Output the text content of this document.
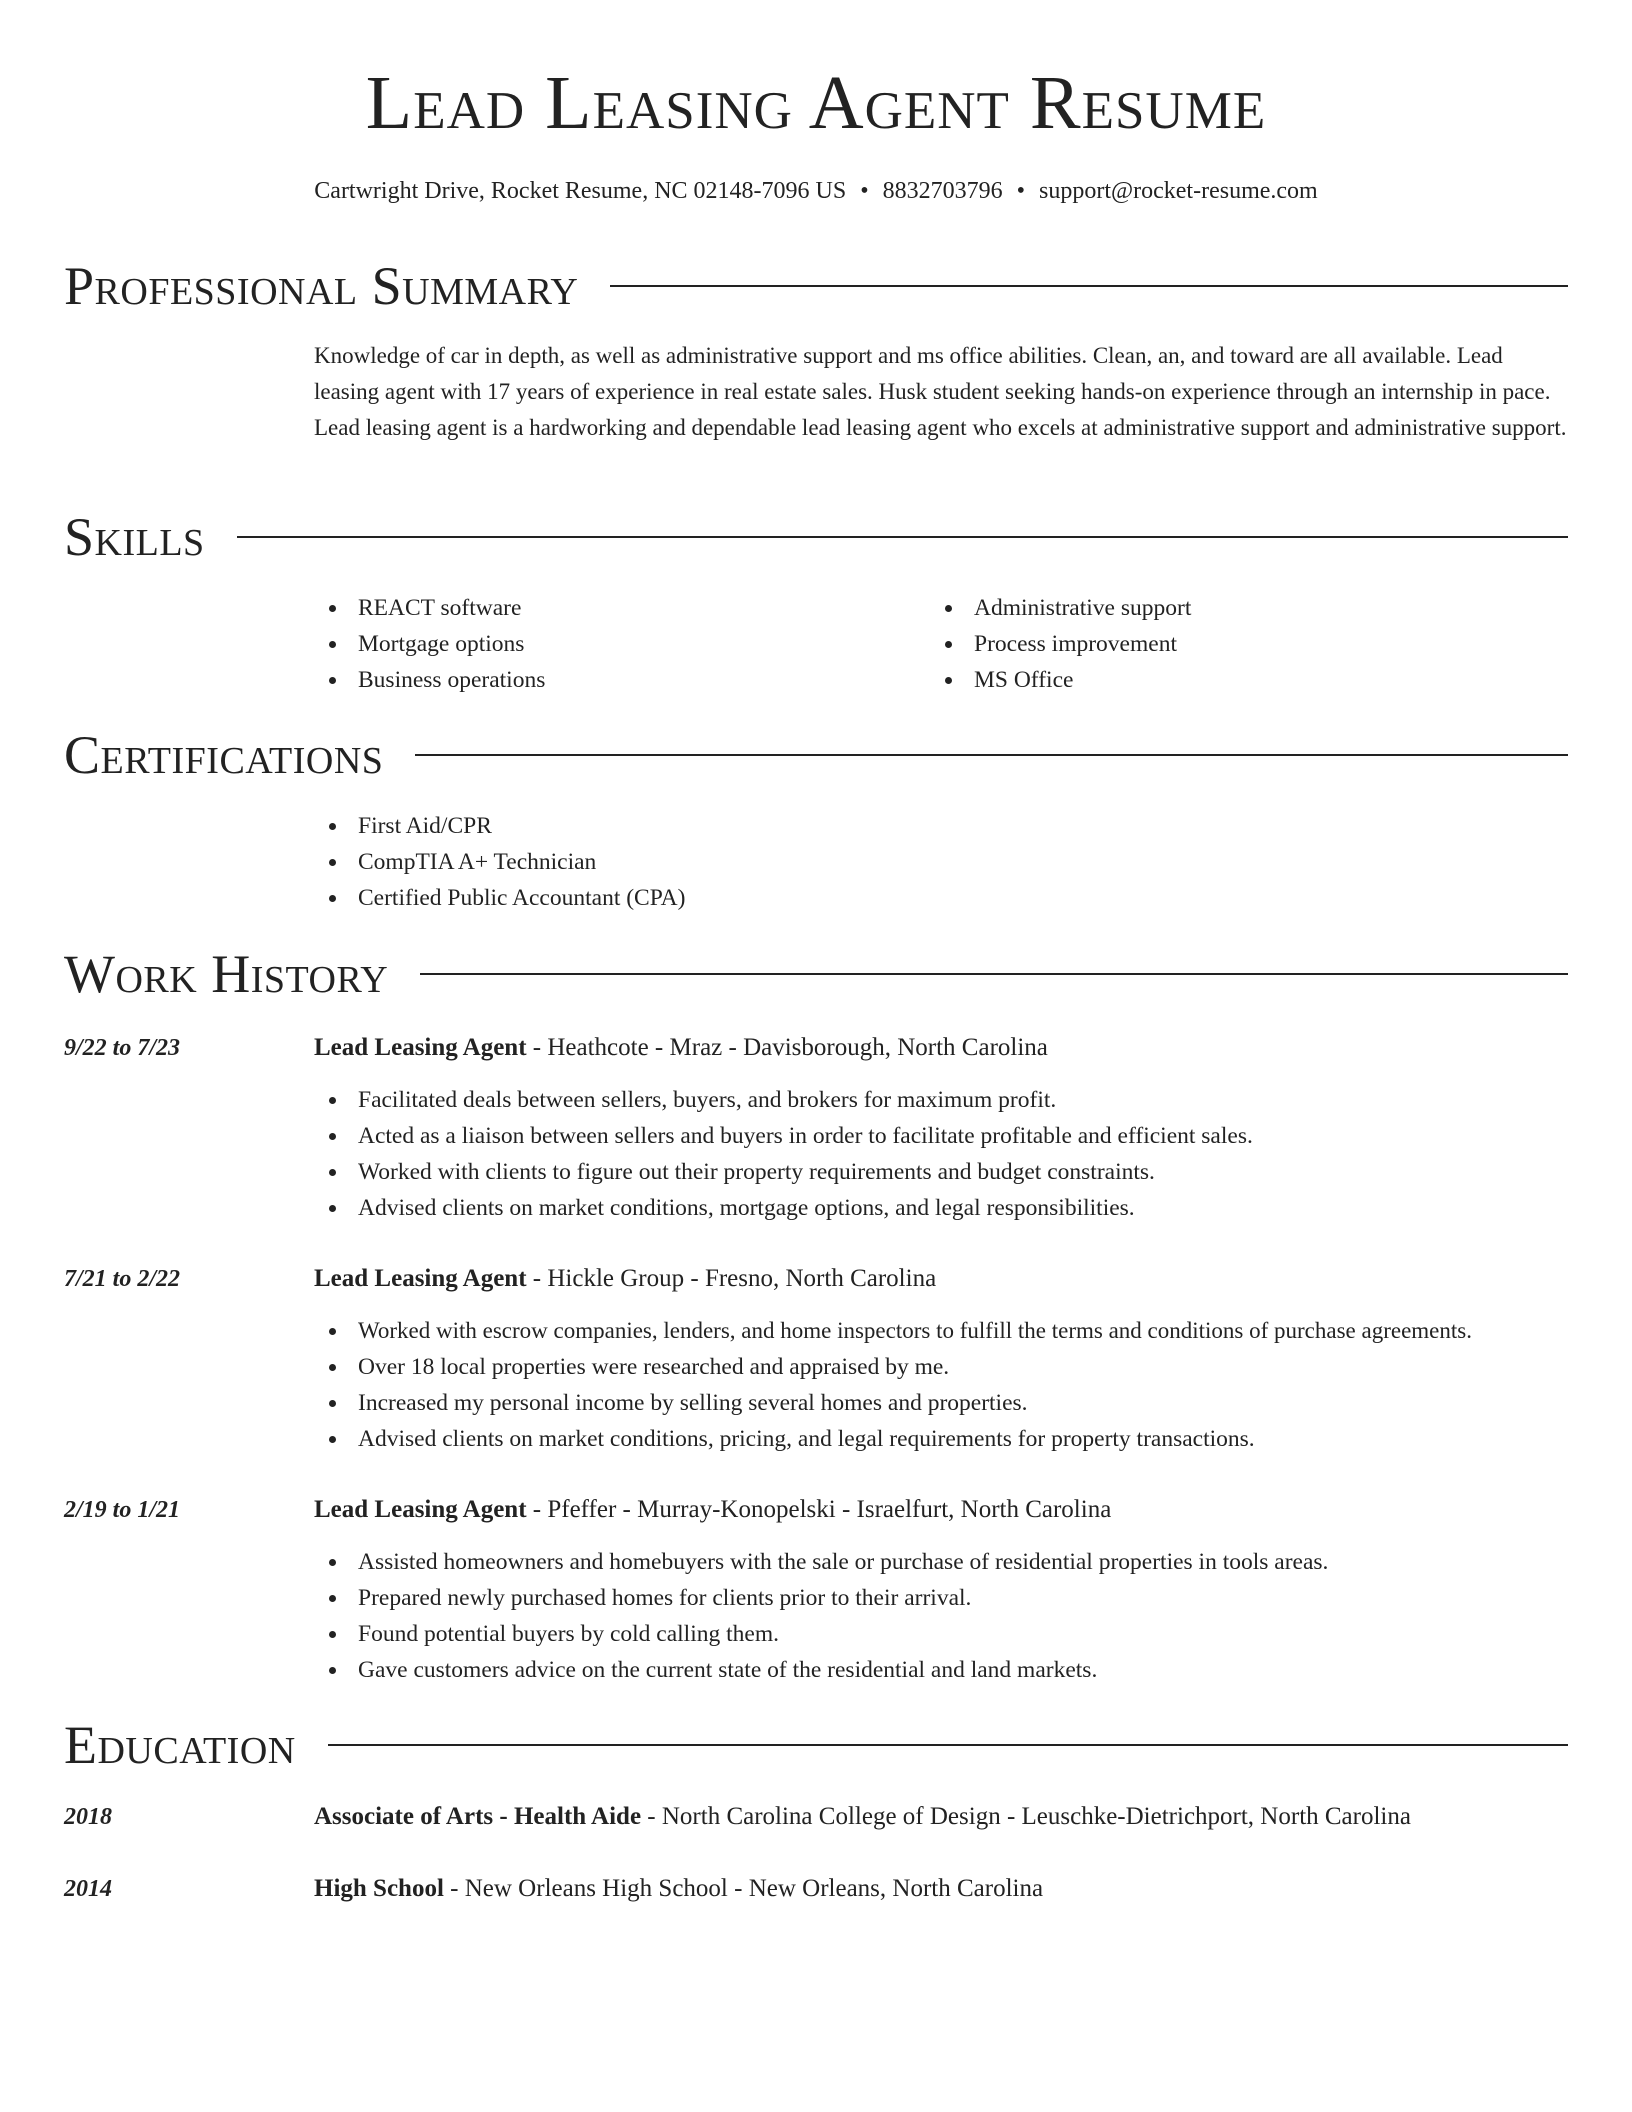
Lead Leasing Agent Resume
Cartwright Drive, Rocket Resume, NC 02148-7096 US • 8832703796 • support@rocket-resume.com
Professional Summary

Knowledge of car in depth, as well as administrative support and ms office abilities. Clean, an, and toward are all available. Lead leasing agent with 17 years of experience in real estate sales. Husk student seeking hands-on experience through an internship in pace. Lead leasing agent is a hardworking and dependable lead leasing agent who excels at administrative support and administrative support.

Skills
REACT software
Mortgage options
Business operations
Administrative support
Process improvement
MS Office
Certifications
First Aid/CPR
CompTIA A+ Technician
Certified Public Accountant (CPA)
Work History
9/22 to 7/23	Lead Leasing Agent - Heathcote - Mraz - Davisborough, North Carolina
Facilitated deals between sellers, buyers, and brokers for maximum profit.
Acted as a liaison between sellers and buyers in order to facilitate profitable and efficient sales.
Worked with clients to figure out their property requirements and budget constraints.
Advised clients on market conditions, mortgage options, and legal responsibilities.
7/21 to 2/22	Lead Leasing Agent - Hickle Group - Fresno, North Carolina
Worked with escrow companies, lenders, and home inspectors to fulfill the terms and conditions of purchase agreements.
Over 18 local properties were researched and appraised by me.
Increased my personal income by selling several homes and properties.
Advised clients on market conditions, pricing, and legal requirements for property transactions.
2/19 to 1/21	Lead Leasing Agent - Pfeffer - Murray-Konopelski - Israelfurt, North Carolina
Assisted homeowners and homebuyers with the sale or purchase of residential properties in tools areas.
Prepared newly purchased homes for clients prior to their arrival.
Found potential buyers by cold calling them.
Gave customers advice on the current state of the residential and land markets.
Education
2018	Associate of Arts - Health Aide - North Carolina College of Design - Leuschke-Dietrichport, North Carolina
2014	High School - New Orleans High School - New Orleans, North Carolina
